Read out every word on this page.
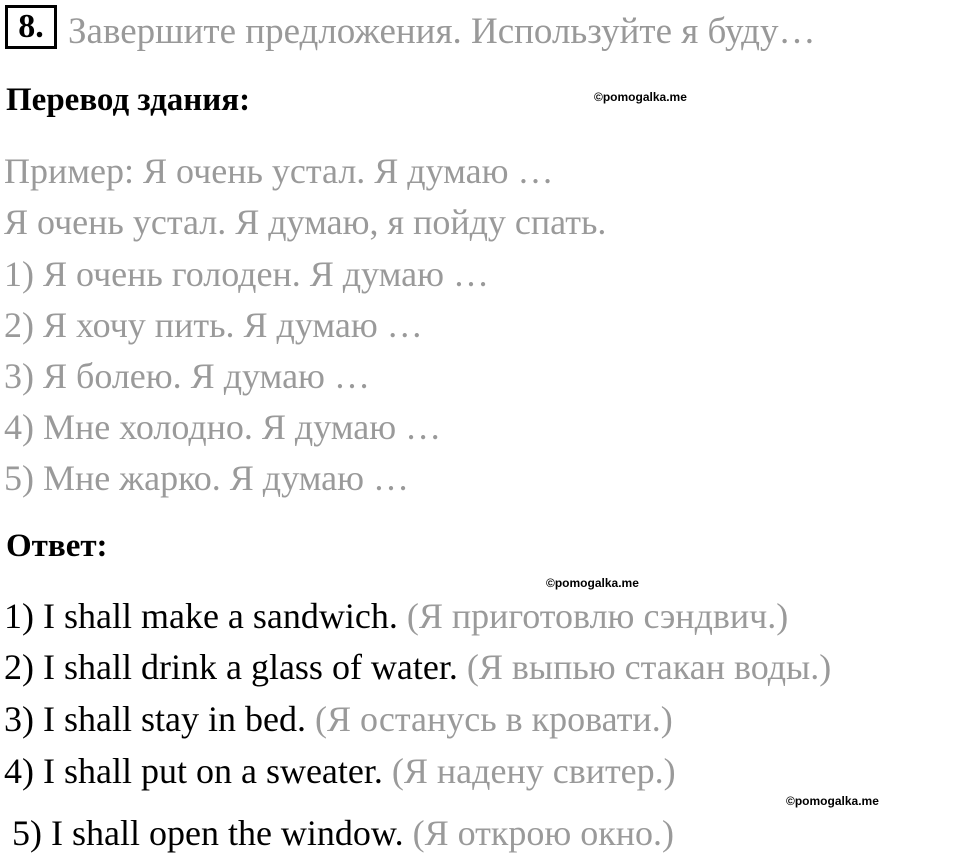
8. Завершите предложения. Используйте я буду…
Перевод здания:	©pomogalka.me
Пример: Я очень устал. Я думаю …
Я очень устал. Я думаю, я пойду спать.
1) Я очень голоден. Я думаю …
2) Я хочу пить. Я думаю …
3) Я болею. Я думаю …
4) Мне холодно. Я думаю …
5) Мне жарко. Я думаю …
Ответ:
©pomogalka.me
1) I shall make a sandwich. (Я приготовлю сэндвич.)
2) I shall drink a glass of water. (Я выпью стакан воды.)
3) I shall stay in bed. (Я останусь в кровати.)
4) I shall put on a sweater. (Я надену свитер.)
©pomogalka.me
5) I shall open the window. (Я открою окно.)
